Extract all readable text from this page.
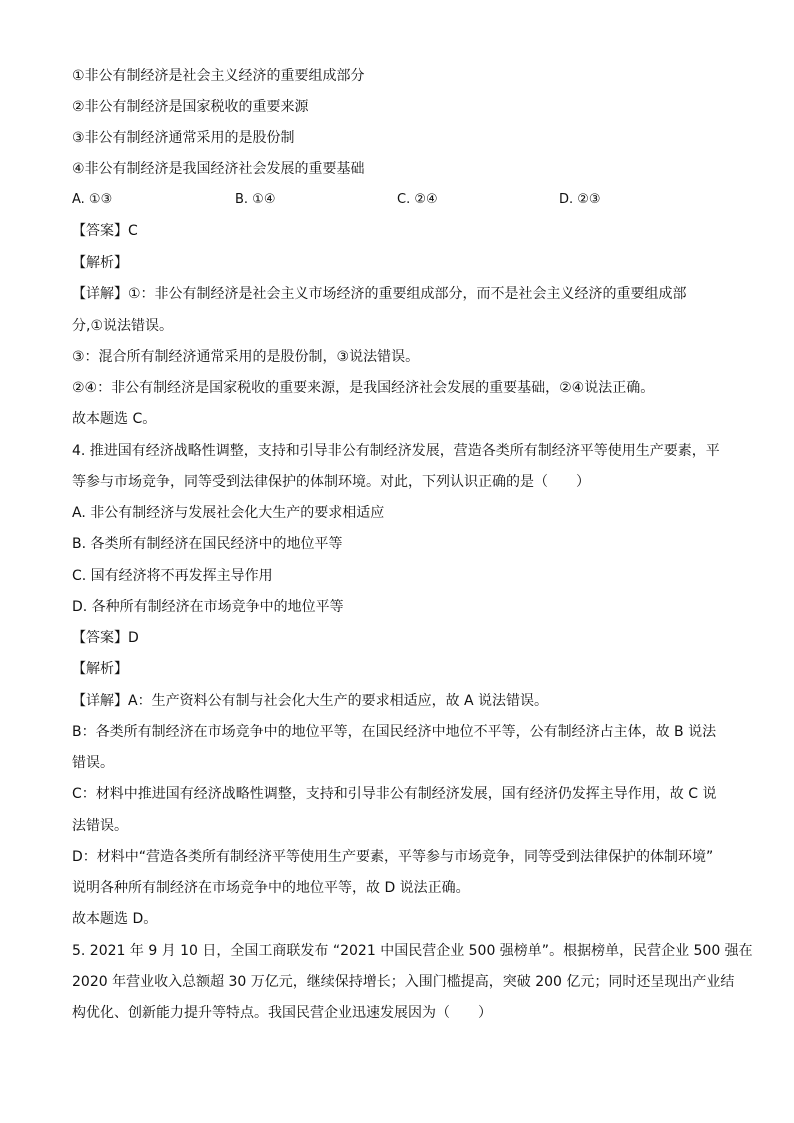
①非公有制经济是社会主义经济的重要组成部分
②非公有制经济是国家税收的重要来源
③非公有制经济通常采用的是股份制
④非公有制经济是我国经济社会发展的重要基础
A. ①③	B. ①④	C. ②④	D. ②③
【答案】C
【解析】
【详解】①：非公有制经济是社会主义市场经济的重要组成部分，而不是社会主义经济的重要组成部
分,①说法错误。
③：混合所有制经济通常采用的是股份制，③说法错误。
②④：非公有制经济是国家税收的重要来源，是我国经济社会发展的重要基础，②④说法正确。
故本题选 C。
4. 推进国有经济战略性调整，支持和引导非公有制经济发展，营造各类所有制经济平等使用生产要素，平
等参与市场竞争，同等受到法律保护的体制环境。对此，下列认识正确的是（　　）
A. 非公有制经济与发展社会化大生产的要求相适应
B. 各类所有制经济在国民经济中的地位平等
C. 国有经济将不再发挥主导作用
D. 各种所有制经济在市场竞争中的地位平等
【答案】D
【解析】
【详解】A：生产资料公有制与社会化大生产的要求相适应，故 A 说法错误。
B：各类所有制经济在市场竞争中的地位平等，在国民经济中地位不平等，公有制经济占主体，故 B 说法
错误。
C：材料中推进国有经济战略性调整，支持和引导非公有制经济发展，国有经济仍发挥主导作用，故 C 说
法错误。
D：材料中“营造各类所有制经济平等使用生产要素，平等参与市场竞争，同等受到法律保护的体制环境”
说明各种所有制经济在市场竞争中的地位平等，故 D 说法正确。
故本题选 D。
5. 2021 年 9 月 10 日，全国工商联发布 “2021 中国民营企业 500 强榜单”。根据榜单，民营企业 500 强在
2020 年营业收入总额超 30 万亿元，继续保持增长；入围门槛提高，突破 200 亿元；同时还呈现出产业结
构优化、创新能力提升等特点。我国民营企业迅速发展因为（　　）
